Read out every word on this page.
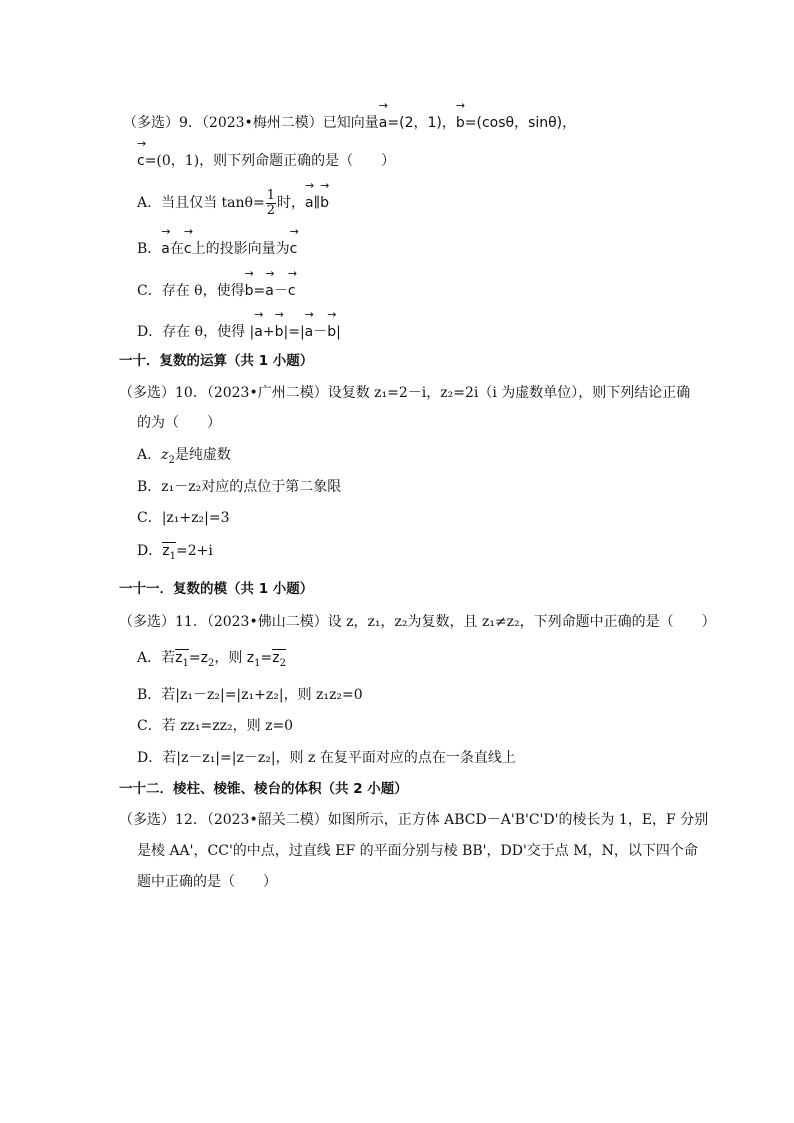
（多选）9．（2023•梅州二模）已知向量→ a=(2，1)，→ b=(cosθ，sinθ)，
→ c=(0，1)，则下列命题正确的是（　　）
A．当且仅当 $\tan\theta= \frac{1}{2}$ 时，→ a∥→ b
B．→ a在→ c上的投影向量为→ c
C．存在 θ，使得→ b=→ a－→ c
D．存在 θ，使得 |→ a+→ b|=|→ a－→ b|
一十．复数的运算（共 1 小题）
（多选）10．（2023•广州二模）设复数 z₁=2－i，z₂=2i（i 为虚数单位），则下列结论正确
的为（　　）
A．$z_2$是纯虚数
B．z₁－z₂对应的点位于第二象限
C．|z₁+z₂|=3
D．$z_1=2+i$
一十一．复数的模（共 1 小题）
（多选）11．（2023•佛山二模）设 z，z₁，z₂为复数，且 z₁≠z₂，下列命题中正确的是（　　）
A．若$z_1=z_2$，则 $z_1=z_2$
B．若|z₁－z₂|=|z₁+z₂|，则 z₁z₂=0
C．若 zz₁=zz₂，则 z=0
D．若|z－z₁|=|z－z₂|，则 z 在复平面对应的点在一条直线上
一十二．棱柱、棱锥、棱台的体积（共 2 小题）
（多选）12．（2023•韶关二模）如图所示，正方体 ABCD－A'B'C'D'的棱长为 1，E，F 分别
是棱 AA'，CC'的中点，过直线 EF 的平面分别与棱 BB'，DD'交于点 M，N，以下四个命
题中正确的是（　　）
